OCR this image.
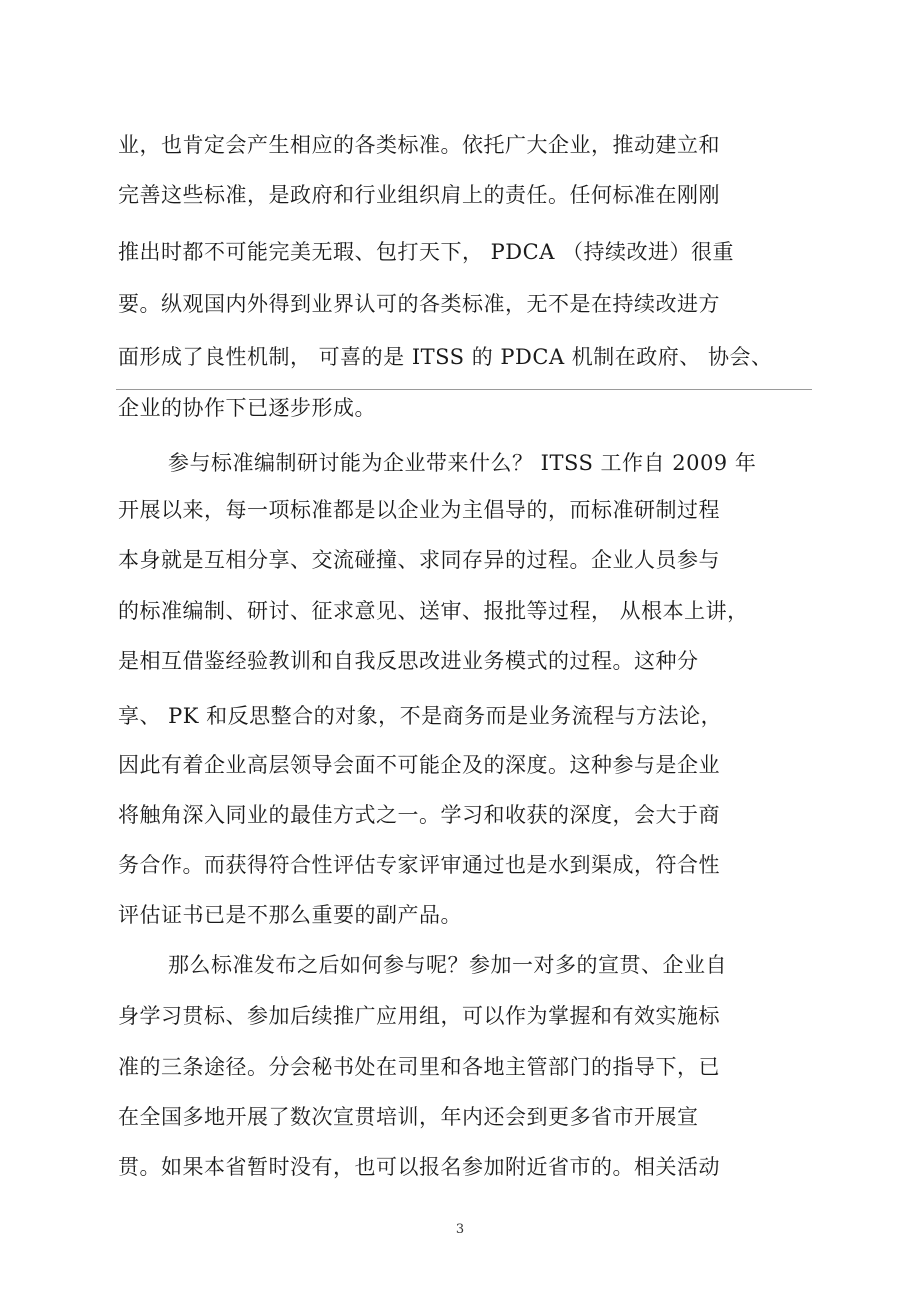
业，也肯定会产生相应的各类标准。依托广大企业，推动建立和
完善这些标准，是政府和行业组织肩上的责任。任何标准在刚刚
推出时都不可能完美无瑕、包打天下， PDCA （持续改进）很重
要。纵观国内外得到业界认可的各类标准，无不是在持续改进方
面形成了良性机制， 可喜的是 ITSS 的 PDCA 机制在政府、 协会、
企业的协作下已逐步形成。
参与标准编制研讨能为企业带来什么？ ITSS 工作自 2009 年
开展以来，每一项标准都是以企业为主倡导的，而标准研制过程
本身就是互相分享、交流碰撞、求同存异的过程。企业人员参与
的标准编制、研讨、征求意见、送审、报批等过程， 从根本上讲，
是相互借鉴经验教训和自我反思改进业务模式的过程。这种分
享、 PK 和反思整合的对象，不是商务而是业务流程与方法论，
因此有着企业高层领导会面不可能企及的深度。这种参与是企业
将触角深入同业的最佳方式之一。学习和收获的深度，会大于商
务合作。而获得符合性评估专家评审通过也是水到渠成，符合性
评估证书已是不那么重要的副产品。
那么标准发布之后如何参与呢？参加一对多的宣贯、企业自
身学习贯标、参加后续推广应用组，可以作为掌握和有效实施标
准的三条途径。分会秘书处在司里和各地主管部门的指导下，已
在全国多地开展了数次宣贯培训，年内还会到更多省市开展宣
贯。如果本省暂时没有，也可以报名参加附近省市的。相关活动
3
